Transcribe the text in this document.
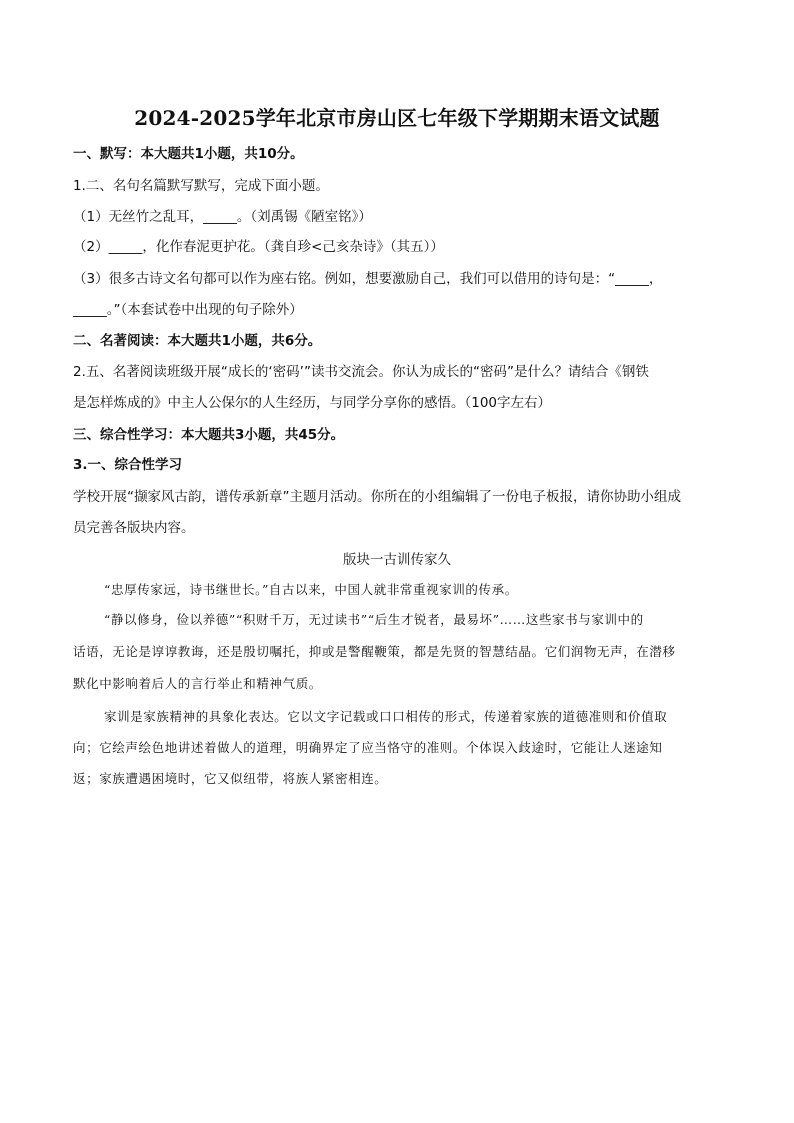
2024-2025学年北京市房山区七年级下学期期末语文试题
一、默写：本大题共1小题，共10分。
1.二、名句名篇默写默写，完成下面小题。
（1）无丝竹之乱耳，_____。（刘禹锡《陋室铭》）
（2）_____，化作春泥更护花。（龚自珍<己亥杂诗》（其五））
（3）很多古诗文名句都可以作为座右铭。例如，想要激励自己，我们可以借用的诗句是：“_____，
_____。”（本套试卷中出现的句子除外）
二、名著阅读：本大题共1小题，共6分。
2.五、名著阅读班级开展“成长的‘密码’”读书交流会。你认为成长的“密码”是什么？请结合《钢铁
是怎样炼成的》中主人公保尔的人生经历，与同学分享你的感悟。（100字左右）
三、综合性学习：本大题共3小题，共45分。
3.一、综合性学习
学校开展“撷家风古韵，谱传承新章”主题月活动。你所在的小组编辑了一份电子板报，请你协助小组成
员完善各版块内容。
版块一古训传家久
“忠厚传家远，诗书继世长。”自古以来，中国人就非常重视家训的传承。
“静以修身，俭以养德”“积财千万，无过读书”“后生才锐者，最易坏”……这些家书与家训中的
话语，无论是谆谆教诲，还是殷切嘱托，抑或是警醒鞭策，都是先贤的智慧结晶。它们润物无声，在潜移
默化中影响着后人的言行举止和精神气质。
家训是家族精神的具象化表达。它以文字记载或口口相传的形式，传递着家族的道德准则和价值取
向；它绘声绘色地讲述着做人的道理，明确界定了应当恪守的准则。个体误入歧途时，它能让人迷途知
返；家族遭遇困境时，它又似纽带，将族人紧密相连。
